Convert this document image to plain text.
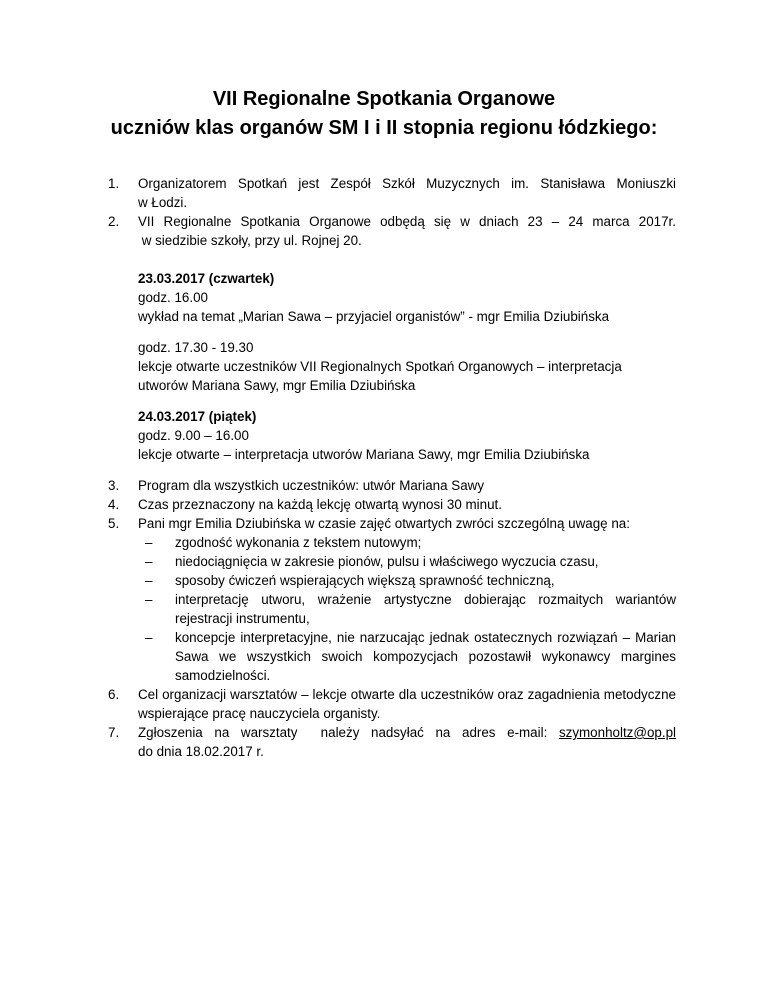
VII Regionalne Spotkania Organowe
uczniów klas organów SM I i II stopnia regionu łódzkiego:
1. Organizatorem Spotkań jest Zespół Szkół Muzycznych im. Stanisława Moniuszki
w Łodzi.
2. VII Regionalne Spotkania Organowe odbędą się w dniach 23 – 24 marca 2017r.
w siedzibie szkoły, przy ul. Rojnej 20.
23.03.2017 (czwartek)
godz. 16.00
wykład na temat „Marian Sawa – przyjaciel organistów” - mgr Emilia Dziubińska
godz. 17.30 - 19.30
lekcje otwarte uczestników VII Regionalnych Spotkań Organowych – interpretacja
utworów Mariana Sawy, mgr Emilia Dziubińska
24.03.2017 (piątek)
godz. 9.00 – 16.00
lekcje otwarte – interpretacja utworów Mariana Sawy, mgr Emilia Dziubińska
3. Program dla wszystkich uczestników: utwór Mariana Sawy
4. Czas przeznaczony na każdą lekcję otwartą wynosi 30 minut.
5. Pani mgr Emilia Dziubińska w czasie zajęć otwartych zwróci szczególną uwagę na:
– zgodność wykonania z tekstem nutowym;
– niedociągnięcia w zakresie pionów, pulsu i właściwego wyczucia czasu,
– sposoby ćwiczeń wspierających większą sprawność techniczną,
– interpretację utworu, wrażenie artystyczne dobierając rozmaitych wariantów rejestracji instrumentu,
– koncepcje interpretacyjne, nie narzucając jednak ostatecznych rozwiązań – Marian Sawa we wszystkich swoich kompozycjach pozostawił wykonawcy margines samodzielności.
6. Cel organizacji warsztatów – lekcje otwarte dla uczestników oraz zagadnienia metodyczne wspierające pracę nauczyciela organisty.
7. Zgłoszenia na warsztaty  należy nadsyłać na adres e-mail: szymonholtz@op.pl
do dnia 18.02.2017 r.
